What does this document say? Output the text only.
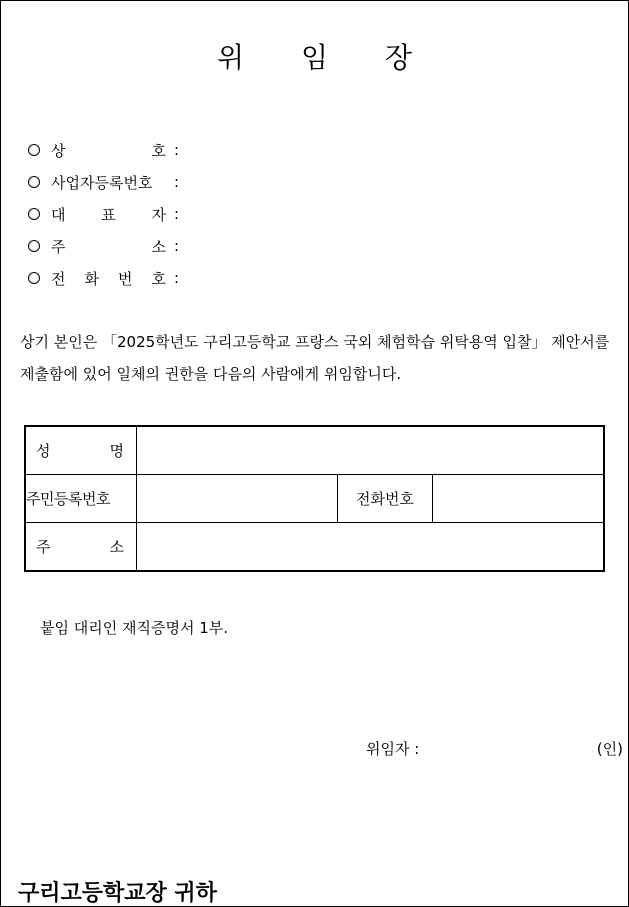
위 임 장
상	호 :
사업자등록번호 :
대 표 자 :
주	소 :
전 화 번 호 :
상기 본인은 「2025학년도 구리고등학교 프랑스 국외 체험학습 위탁용역 입찰」 제안서를
제출함에 있어 일체의 권한을 다음의 사람에게 위임합니다.
성 명			

주민등록번호		전화번호	

주 소			

붙임 대리인 재직증명서 1부.
위임자 :	(인)
구리고등학교장 귀하
